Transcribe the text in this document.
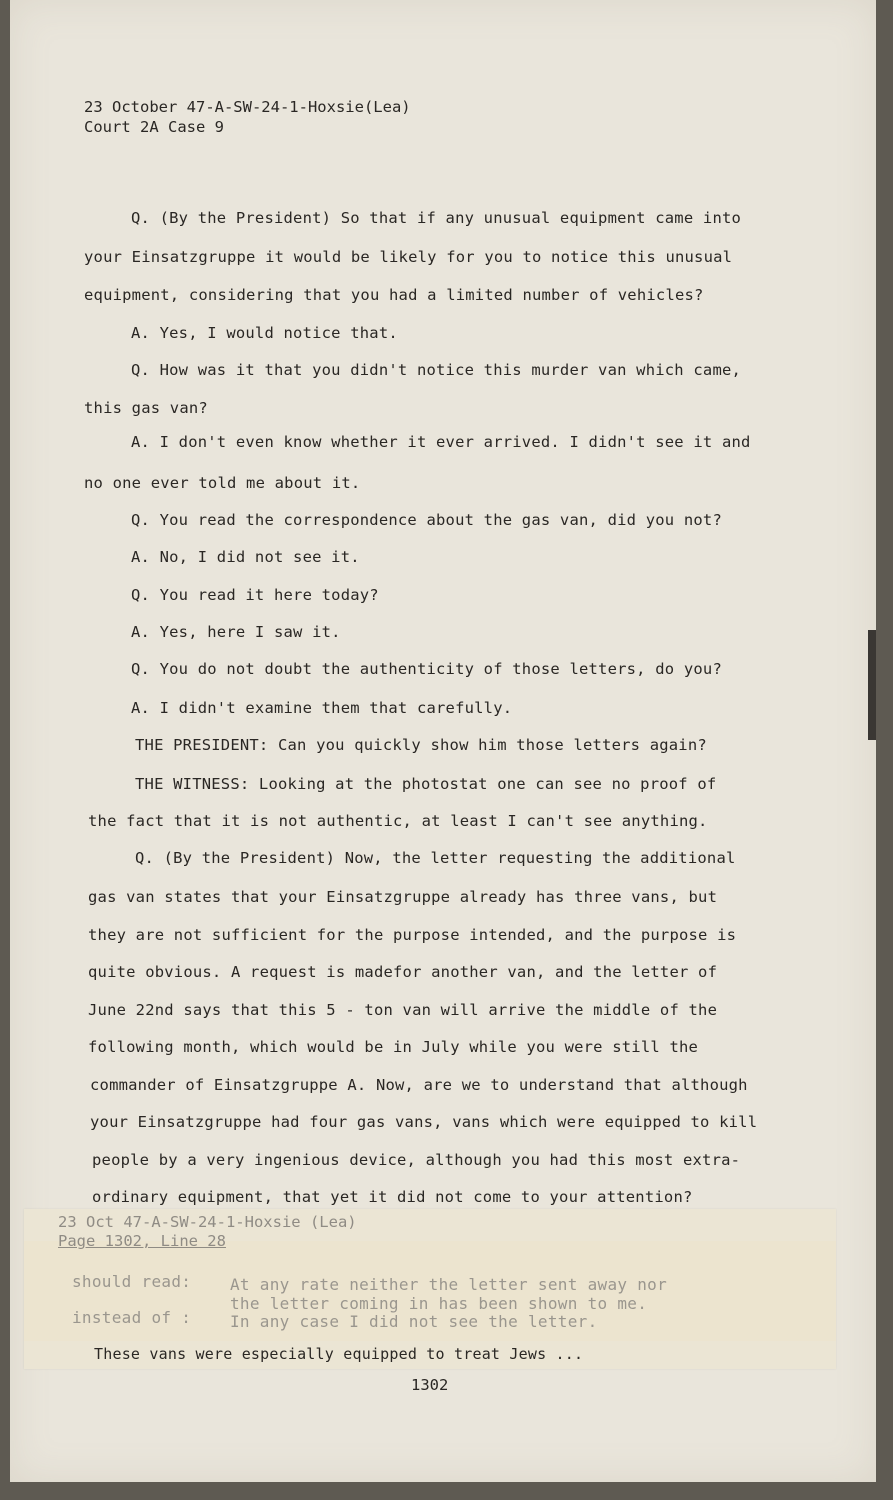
23 October 47-A-SW-24-1-Hoxsie(Lea)
Court 2A Case 9
Q. (By the President) So that if any unusual equipment came into
your Einsatzgruppe it would be likely for you to notice this unusual
equipment, considering that you had a limited number of vehicles?
A. Yes, I would notice that.
Q. How was it that you didn't notice this murder van which came,
this gas van?
A. I don't even know whether it ever arrived. I didn't see it and
no one ever told me about it.
Q. You read the correspondence about the gas van, did you not?
A. No, I did not see it.
Q. You read it here today?
A. Yes, here I saw it.
Q. You do not doubt the authenticity of those letters, do you?
A. I didn't examine them that carefully.
THE PRESIDENT: Can you quickly show him those letters again?
THE WITNESS: Looking at the photostat one can see no proof of
the fact that it is not authentic, at least I can't see anything.
Q. (By the President) Now, the letter requesting the additional
gas van states that your Einsatzgruppe already has three vans, but
they are not sufficient for the purpose intended, and the purpose is
quite obvious. A request is madefor another van, and the letter of
June 22nd says that this 5 - ton van will arrive the middle of the
following month, which would be in July while you were still the
commander of Einsatzgruppe A. Now, are we to understand that although
your Einsatzgruppe had four gas vans, vans which were equipped to kill
people by a very ingenious device, although you had this most extra-
ordinary equipment, that yet it did not come to your attention?
23 Oct 47-A-SW-24-1-Hoxsie (Lea)
Page 1302, Line 28
should read: At any rate neither the letter sent away nor
the letter coming in has been shown to me.
instead of : In any case I did not see the letter.
These vans were especially equipped to treat Jews ...
1302
